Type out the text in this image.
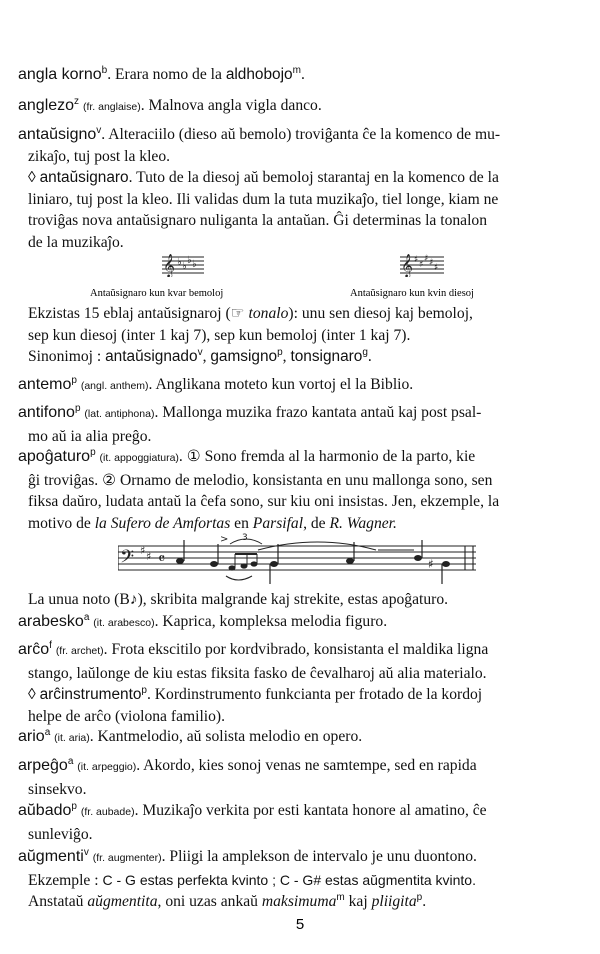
angla korno$^b$. Erara nomo de la aldhobojo$^m$.
anglezo$^z$ (fr. anglaise). Malnova angla vigla danco.
antaŭsigno$^v$. Alteraciilo (dieso aŭ bemolo) troviĝanta ĉe la komenco de mu-
zikaĵo, tuj post la kleo.
◊ antaŭsignaro. Tuto de la diesoj aŭ bemoloj starantaj en la komenco de la
liniaro, tuj post la kleo. Ili validas dum la tuta muzikaĵo, tiel longe, kiam ne
troviĝas nova antaŭsignaro nuliganta la antaŭan. Ĝi determinas la tonalon
de la muzikaĵo.
𝄞 ♭ ♭
♭ ♭	𝄞 ♯ ♯
♯ ♯ ♯
Antaŭsignaro kun kvar bemoloj	Antaŭsignaro kun kvin diesoj
Ekzistas 15 eblaj antaŭsignaroj (☞ tonalo): unu sen diesoj kaj bemoloj,
sep kun diesoj (inter 1 kaj 7), sep kun bemoloj (inter 1 kaj 7).
Sinonimoj : antaŭsignado$^v$, gamsigno$^p$, tonsignaro$^g$.
antemo$^p$ (angl. anthem). Anglikana moteto kun vortoj el la Biblio.
antifono$^p$ (lat. antiphona). Mallonga muzika frazo kantata antaŭ kaj post psal-
mo aŭ ia alia preĝo.
apoĝaturo$^p$ (it. appoggiatura). ① Sono fremda al la harmonio de la parto, kie
ĝi troviĝas. ② Ornamo de melodio, konsistanta en unu mallonga sono, sen
fiksa daŭro, ludata antaŭ la ĉefa sono, sur kiu oni insistas. Jen, ekzemple, la
motivo de la Sufero de Amfortas en Parsifal, de R. Wagner.
𝄢 ♯ ♯ 𝄴
> 3
♯
La unua noto (B♪), skribita malgrande kaj strekite, estas apoĝaturo.
arabesko$^a$ (it. arabesco). Kaprica, kompleksa melodia figuro.
arĉo$^f$ (fr. archet). Frota ekscitilo por kordvibrado, konsistanta el maldika ligna
stango, laŭlonge de kiu estas fiksita fasko de ĉevalharoj aŭ alia materialo.
◊ arĉinstrumento$^p$. Kordinstrumento funkcianta per frotado de la kordoj
helpe de arĉo (violona familio).
ario$^a$ (it. aria). Kantmelodio, aŭ solista melodio en opero.
arpeĝo$^a$ (it. arpeggio). Akordo, kies sonoj venas ne samtempe, sed en rapida
sinsekvo.
aŭbado$^p$ (fr. aubade). Muzikaĵo verkita por esti kantata honore al amatino, ĉe
sunleviĝo.
aŭgmenti$^v$ (fr. augmenter). Pliigi la amplekson de intervalo je unu duontono.
Ekzemple : C - G estas perfekta kvinto ; C - G# estas aŭgmentita kvinto.
Anstataŭ aŭgmentita, oni uzas ankaŭ maksimuma$^m$ kaj pliigita$^p$.
5
